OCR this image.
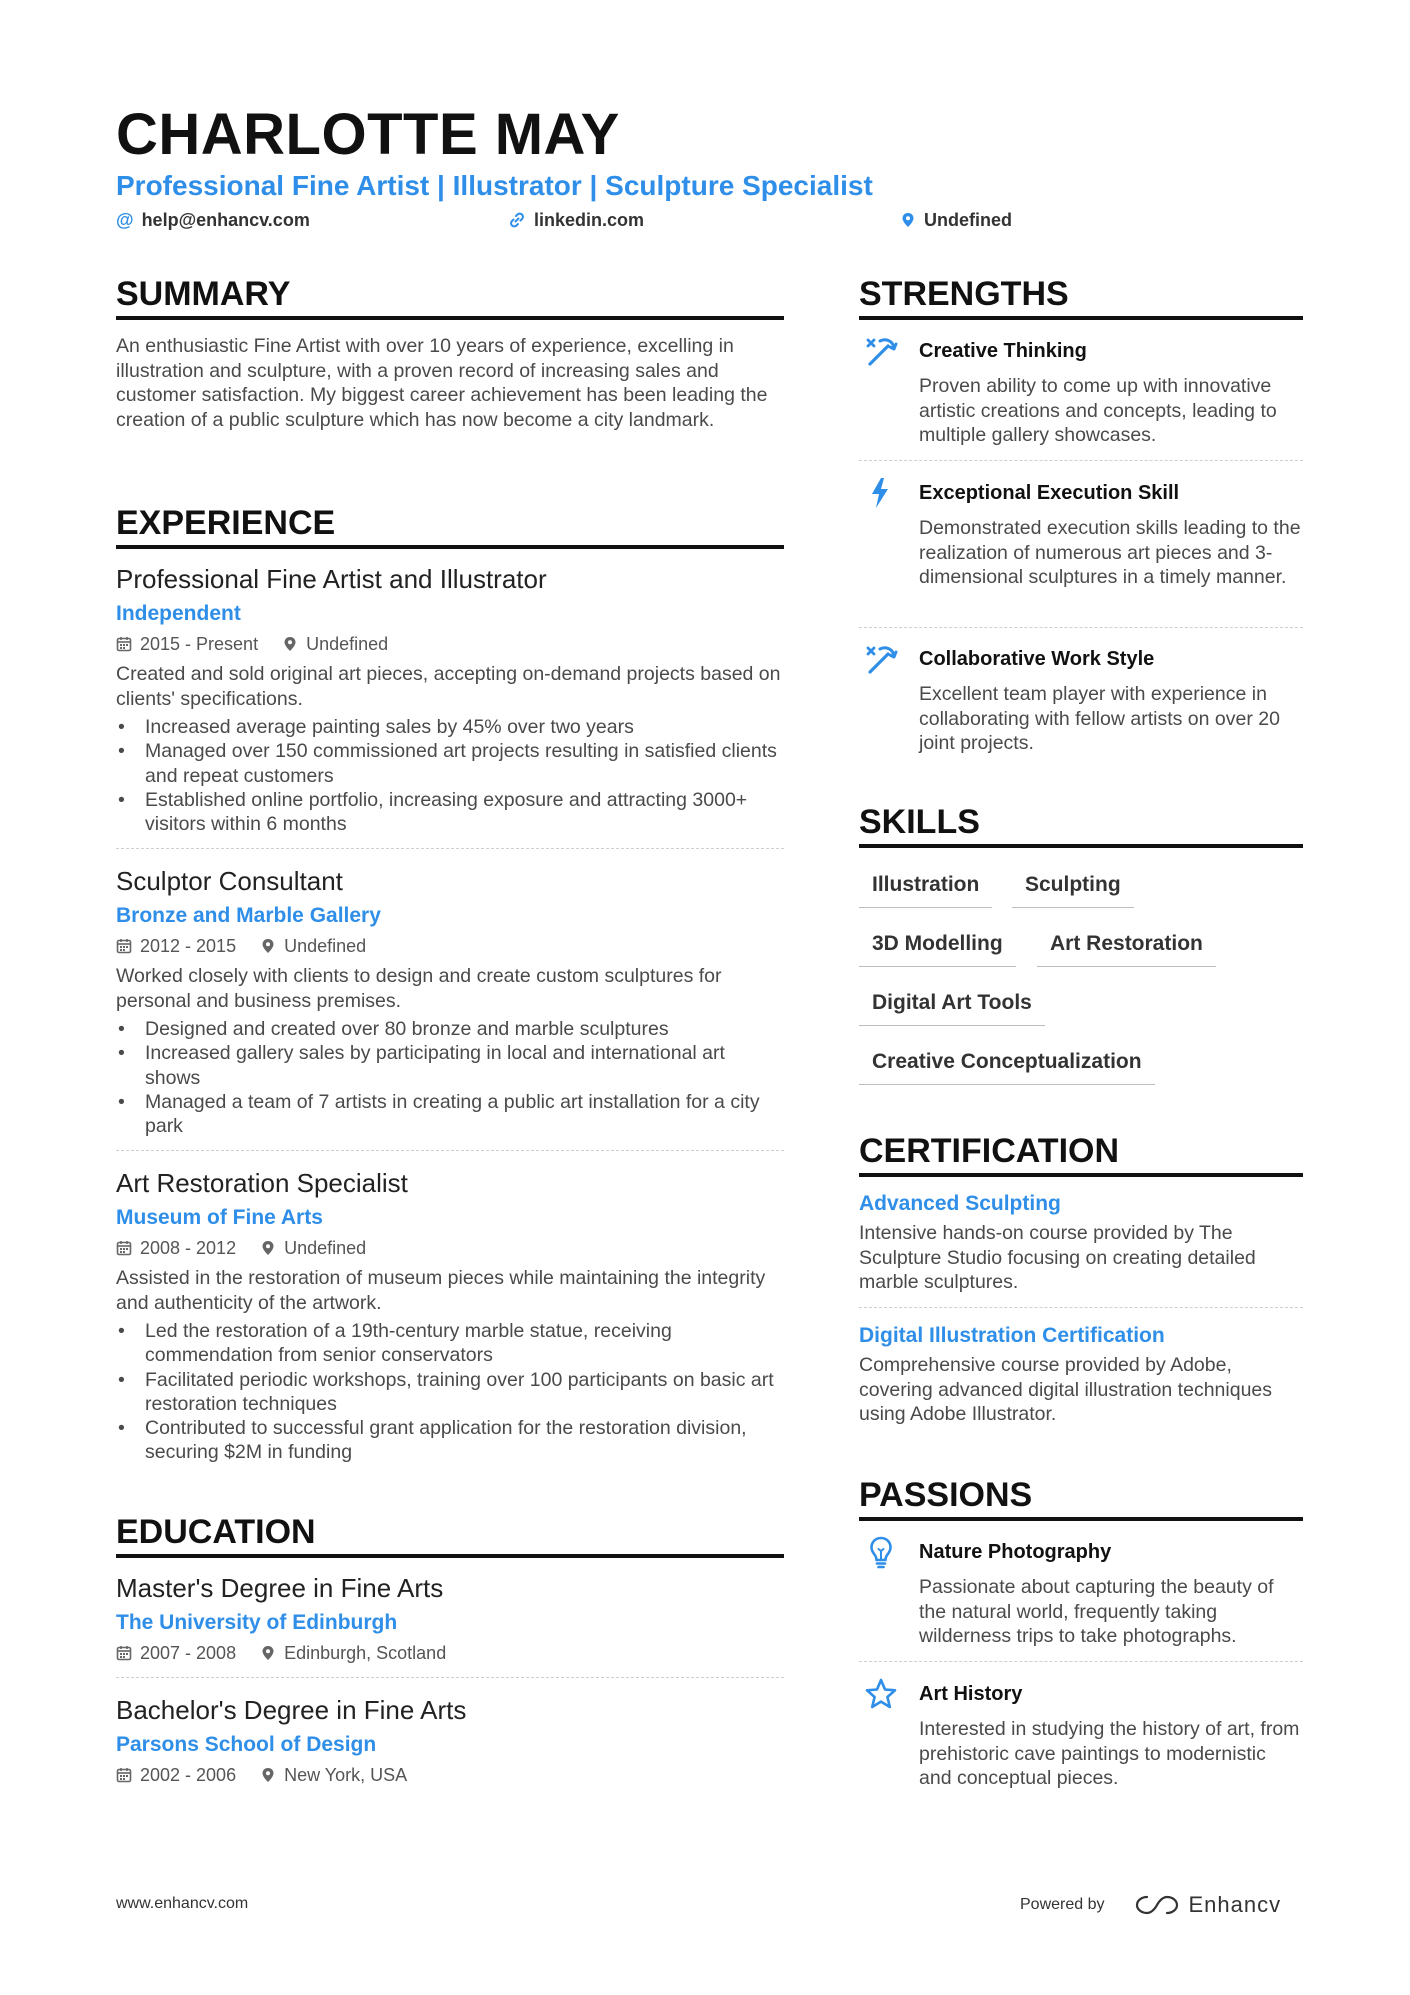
CHARLOTTE MAY
Professional Fine Artist | Illustrator | Sculpture Specialist
@ help@enhancv.com	linkedin.com	Undefined
SUMMARY

An enthusiastic Fine Artist with over 10 years of experience, excelling in illustration and sculpture, with a proven record of increasing sales and customer satisfaction. My biggest career achievement has been leading the creation of a public sculpture which has now become a city landmark.

EXPERIENCE
Professional Fine Artist and Illustrator
Independent
2015 - Present	Undefined

Created and sold original art pieces, accepting on-demand projects based on clients' specifications.

• Increased average painting sales by 45% over two years
• Managed over 150 commissioned art projects resulting in satisfied clients and repeat customers
• Established online portfolio, increasing exposure and attracting 3000+ visitors within 6 months
Sculptor Consultant
Bronze and Marble Gallery
2012 - 2015	Undefined

Worked closely with clients to design and create custom sculptures for personal and business premises.

• Designed and created over 80 bronze and marble sculptures
• Increased gallery sales by participating in local and international art shows
• Managed a team of 7 artists in creating a public art installation for a city park
Art Restoration Specialist
Museum of Fine Arts
2008 - 2012	Undefined

Assisted in the restoration of museum pieces while maintaining the integrity and authenticity of the artwork.

• Led the restoration of a 19th-century marble statue, receiving commendation from senior conservators
• Facilitated periodic workshops, training over 100 participants on basic art restoration techniques
• Contributed to successful grant application for the restoration division, securing $2M in funding
EDUCATION
Master's Degree in Fine Arts
The University of Edinburgh
2007 - 2008	Edinburgh, Scotland
Bachelor's Degree in Fine Arts
Parsons School of Design
2002 - 2006	New York, USA
STRENGTHS
Creative Thinking

Proven ability to come up with innovative artistic creations and concepts, leading to multiple gallery showcases.

Exceptional Execution Skill

Demonstrated execution skills leading to the realization of numerous art pieces and 3-dimensional sculptures in a timely manner.

Collaborative Work Style

Excellent team player with experience in collaborating with fellow artists on over 20 joint projects.

SKILLS
Illustration	Sculpting
3D Modelling	Art Restoration
Digital Art Tools
Creative Conceptualization
CERTIFICATION
Advanced Sculpting

Intensive hands-on course provided by The Sculpture Studio focusing on creating detailed marble sculptures.

Digital Illustration Certification

Comprehensive course provided by Adobe, covering advanced digital illustration techniques using Adobe Illustrator.

PASSIONS
Nature Photography

Passionate about capturing the beauty of the natural world, frequently taking wilderness trips to take photographs.

Art History

Interested in studying the history of art, from prehistoric cave paintings to modernistic and conceptual pieces.

www.enhancv.com	Powered by	Enhancv
